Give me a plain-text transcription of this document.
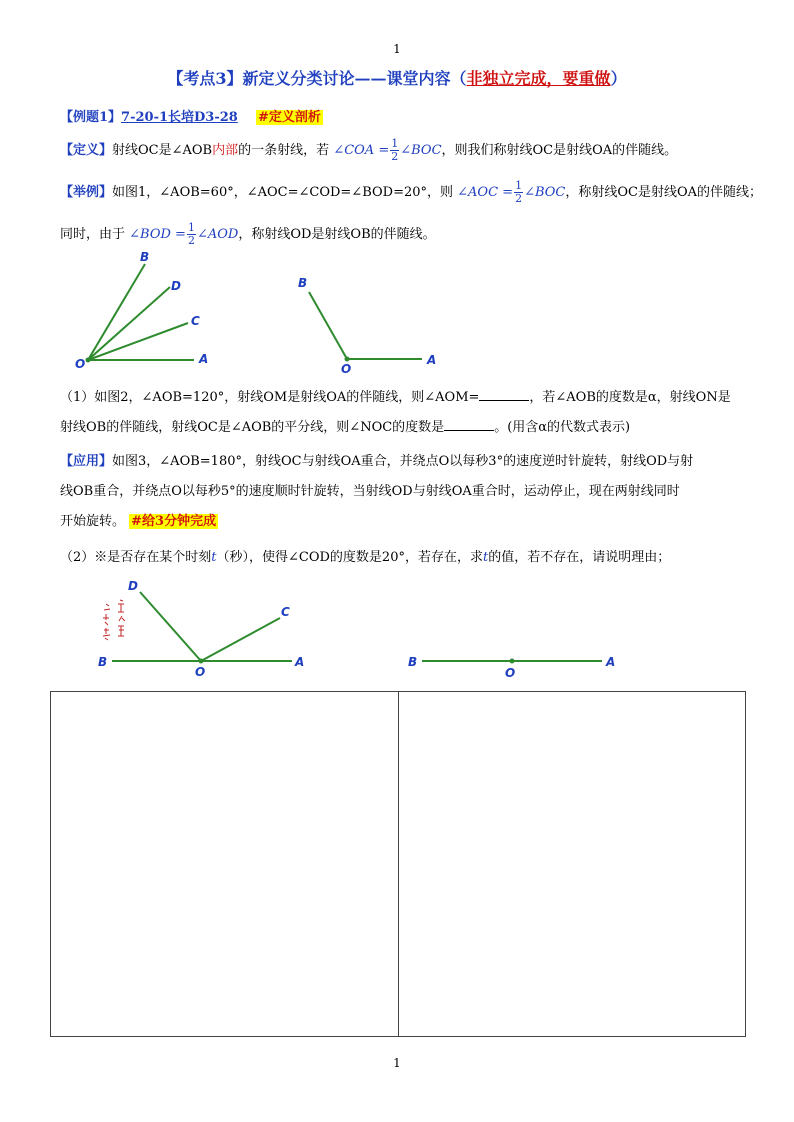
1
【考点3】新定义分类讨论——课堂内容（非独立完成，要重做）
【例题1】7-20-1长培D3-28 #定义剖析
【定义】射线OC是∠AOB内部的一条射线，若 ∠COA = $\frac{1}{2}$ ∠BOC，则我们称射线OC是射线OA的伴随线。
【举例】如图1，∠AOB=60°，∠AOC=∠COD=∠BOD=20°，则 ∠AOC = $\frac{1}{2}$ ∠BOC，称射线OC是射线OA的伴随线；
同时，由于 ∠BOD = $\frac{1}{2}$ ∠AOD，称射线OD是射线OB的伴随线。
B
D
C
O	A
B
O
A
（1）如图2，∠AOB=120°，射线OM是射线OA的伴随线，则∠AOM=	，若∠AOB的度数是α，射线ON是
射线OB的伴随线，射线OC是∠AOB的平分线，则∠NOC的度数是	。(用含α的代数式表示)
【应用】如图3，∠AOB=180°，射线OC与射线OA重合，并绕点O以每秒3°的速度逆时针旋转，射线OD与射
线OB重合，并绕点O以每秒5°的速度顺时针旋转，当射线OD与射线OA重合时，运动停止，现在两射线同时
开始旋转。 #给3分钟完成
（2）※是否存在某个时刻t（秒），使得∠COD的度数是20°，若存在，求t的值，若不存在，请说明理由；
D
C
B
O
A	B
O
A
1
